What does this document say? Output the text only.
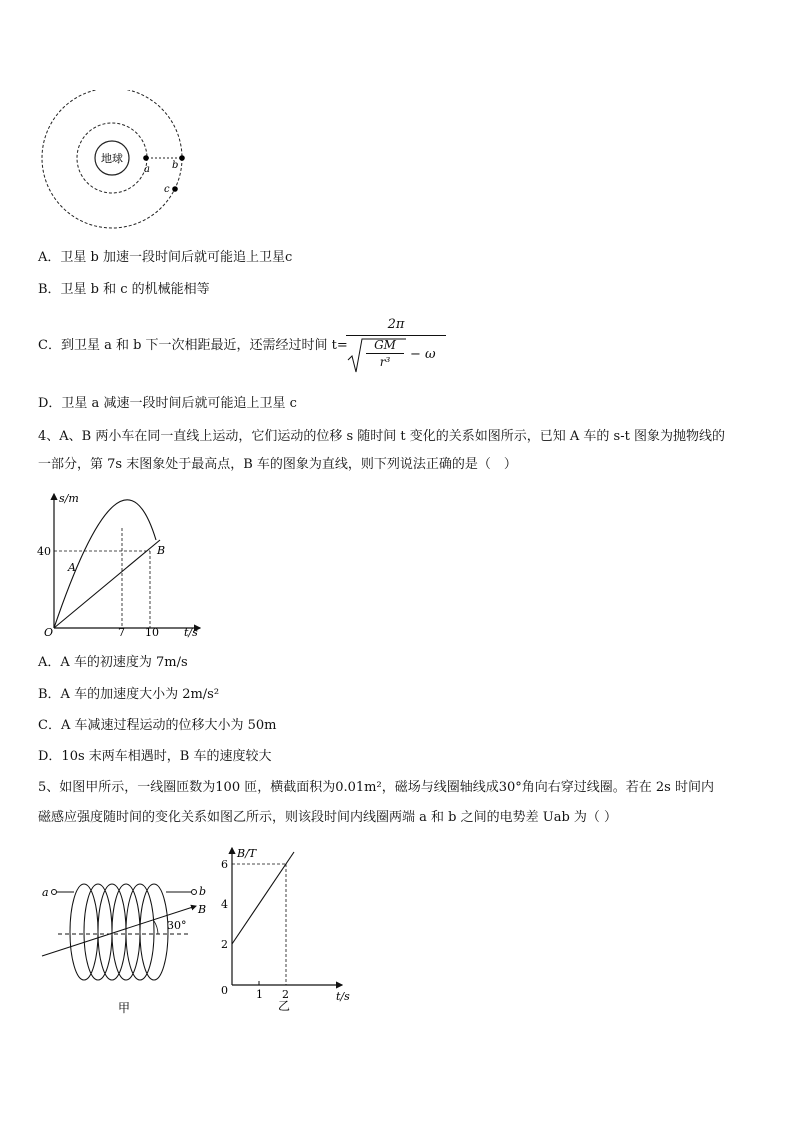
地球
a b
c
A．卫星 b 加速一段时间后就可能追上卫星c
B．卫星 b 和 c 的机械能相等
C．到卫星 a 和 b 下一次相距最近，还需经过时间 t=
2π
GM
r³	− ω
D．卫星 a 减速一段时间后就可能追上卫星 c
4、A、B 两小车在同一直线上运动，它们运动的位移 s 随时间 t 变化的关系如图所示，已知 A 车的 s-t 图象为抛物线的
一部分，第 7s 末图象处于最高点，B 车的图象为直线，则下列说法正确的是（　）
s/m
t/s
O
40
7 10
A
B
A．A 车的初速度为 7m/s
B．A 车的加速度大小为 2m/s²
C．A 车减速过程运动的位移大小为 50m
D．10s 末两车相遇时，B 车的速度较大
5、如图甲所示，一线圈匝数为100 匝，横截面积为0.01m²，磁场与线圈轴线成30°角向右穿过线圈。若在 2s 时间内
磁感应强度随时间的变化关系如图乙所示，则该段时间内线圈两端 a 和 b 之间的电势差 Uab 为（ ）
a	b
B
30°
甲
B/T
t/s
0
2
4
6
1 2
乙
